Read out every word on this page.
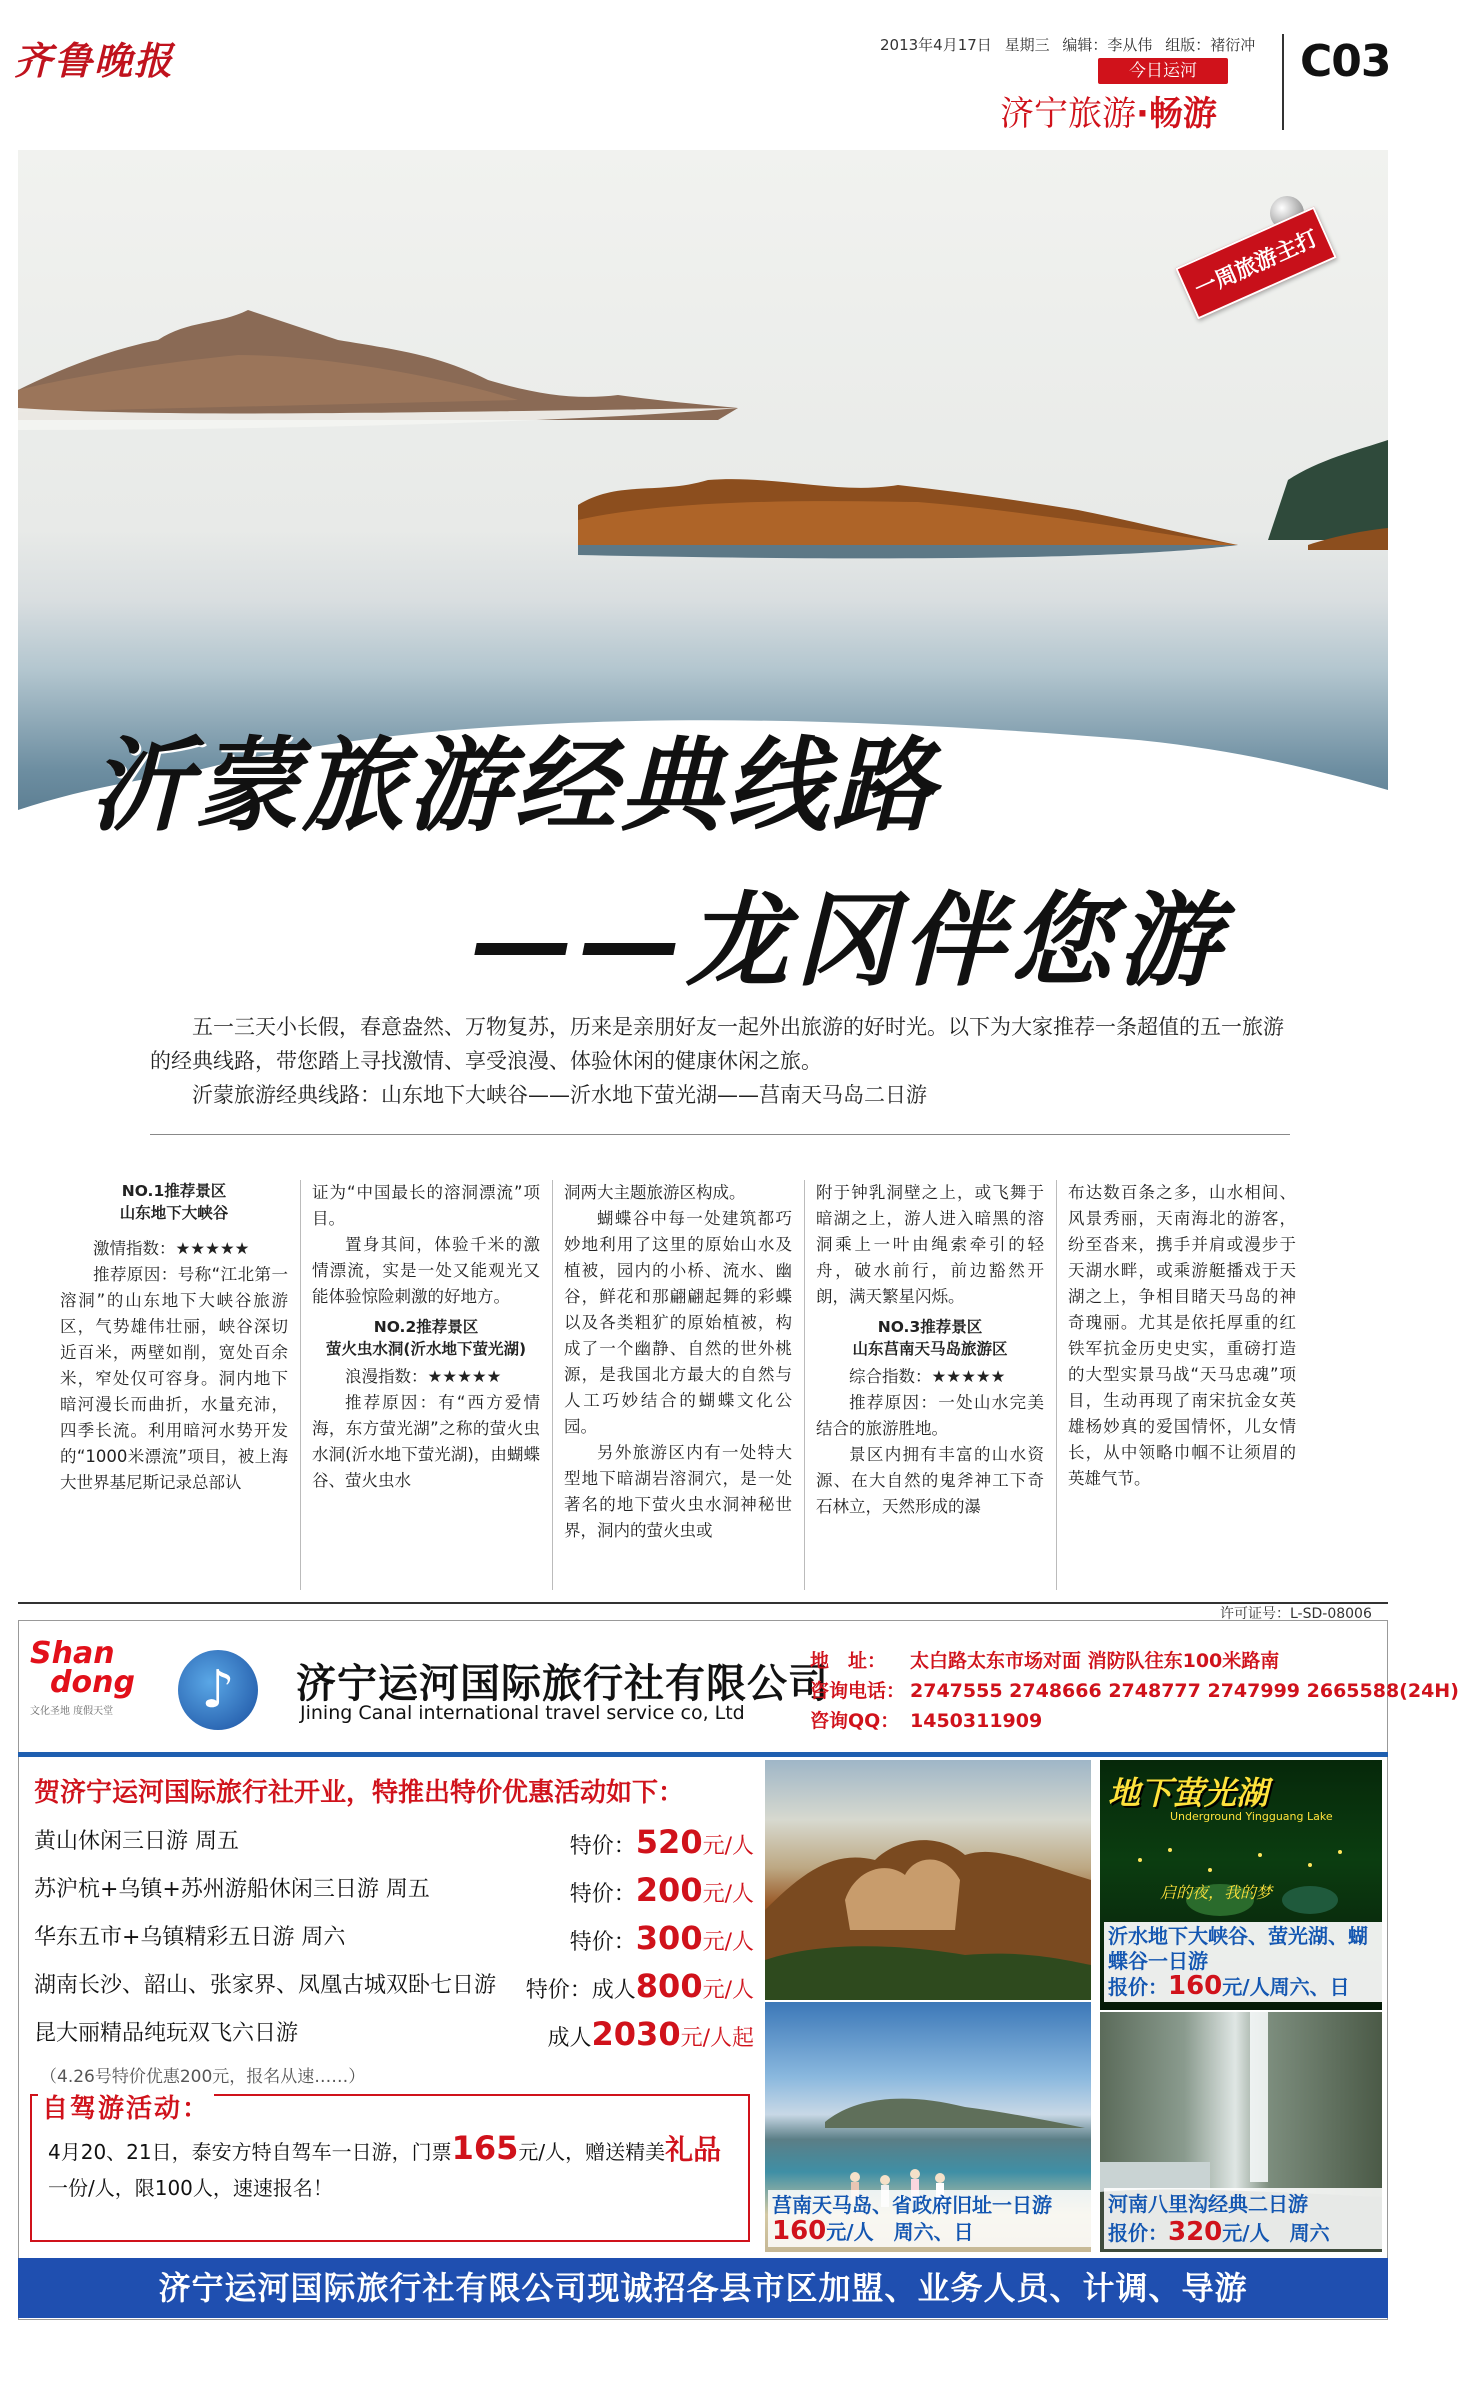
齐鲁晚报	2013年4月17日 星期三 编辑：李从伟 组版：褚衍冲
今日运河
济宁旅游·畅游
C03
一周旅游主打
沂蒙旅游经典线路
——龙冈伴您游

五一三天小长假，春意盎然、万物复苏，历来是亲朋好友一起外出旅游的好时光。以下为大家推荐一条超值的五一旅游的经典线路，带您踏上寻找激情、享受浪漫、体验休闲的健康休闲之旅。

沂蒙旅游经典线路：山东地下大峡谷——沂水地下萤光湖——莒南天马岛二日游

NO.1推荐景区

山东地下大峡谷

激情指数：★★★★★

推荐原因：号称“江北第一溶洞”的山东地下大峡谷旅游区，气势雄伟壮丽，峡谷深切近百米，两壁如削，宽处百余米，窄处仅可容身。洞内地下暗河漫长而曲折，水量充沛，四季长流。利用暗河水势开发的“1000米漂流”项目，被上海大世界基尼斯记录总部认

证为“中国最长的溶洞漂流”项目。

置身其间，体验千米的激情漂流，实是一处又能观光又能体验惊险刺激的好地方。

NO.2推荐景区

萤火虫水洞(沂水地下萤光湖)

浪漫指数：★★★★★

推荐原因：有“西方爱情海，东方萤光湖”之称的萤火虫水洞(沂水地下萤光湖)，由蝴蝶谷、萤火虫水

洞两大主题旅游区构成。

蝴蝶谷中每一处建筑都巧妙地利用了这里的原始山水及植被，园内的小桥、流水、幽谷，鲜花和那翩翩起舞的彩蝶以及各类粗犷的原始植被，构成了一个幽静、自然的世外桃源，是我国北方最大的自然与人工巧妙结合的蝴蝶文化公园。

另外旅游区内有一处特大型地下暗湖岩溶洞穴，是一处著名的地下萤火虫水洞神秘世界，洞内的萤火虫或

附于钟乳洞壁之上，或飞舞于暗湖之上，游人进入暗黑的溶洞乘上一叶由绳索牵引的轻舟，破水前行，前边豁然开朗，满天繁星闪烁。

NO.3推荐景区

山东莒南天马岛旅游区

综合指数：★★★★★

推荐原因：一处山水完美结合的旅游胜地。

景区内拥有丰富的山水资源、在大自然的鬼斧神工下奇石林立，天然形成的瀑

布达数百条之多，山水相间、风景秀丽，天南海北的游客，纷至沓来，携手并肩或漫步于天湖水畔，或乘游艇播戏于天湖之上，争相目睹天马岛的神奇瑰丽。尤其是依托厚重的红铁军抗金历史史实，重磅打造的大型实景马战“天马忠魂”项目，生动再现了南宋抗金女英雄杨妙真的爱国情怀，儿女情长，从中领略巾帼不让须眉的英雄气节。

许可证号：L-SD-08006
Shan
dong
文化圣地 度假天堂	♪	济宁运河国际旅行社有限公司
Jining Canal international travel service co, Ltd
地　址： 太白路太东市场对面 消防队往东100米路南
咨询电话： 2747555 2748666 2748777 2747999 2665588(24H)
咨询QQ： 1450311909
贺济宁运河国际旅行社开业，特推出特价优惠活动如下：
黄山休闲三日游 周五	特价：520元/人
苏沪杭+乌镇+苏州游船休闲三日游 周五	特价：200元/人
华东五市+乌镇精彩五日游 周六	特价：300元/人
湖南长沙、韶山、张家界、凤凰古城双卧七日游 特价：成人800元/人
昆大丽精品纯玩双飞六日游	成人2030元/人起
（4.26号特价优惠200元，报名从速……）
自驾游活动：
4月20、21日，泰安方特自驾车一日游，门票165元/人，赠送精美礼品一份/人，限100人，速速报名！
莒南天马岛、省政府旧址一日游
160元/人　周六、日
地下萤光湖
Underground Yingguang Lake
启的夜，我的梦
沂水地下大峡谷、萤光湖、蝴蝶谷一日游
报价：160元/人周六、日
河南八里沟经典二日游
报价：320元/人　周六
济宁运河国际旅行社有限公司现诚招各县市区加盟、业务人员、计调、导游
